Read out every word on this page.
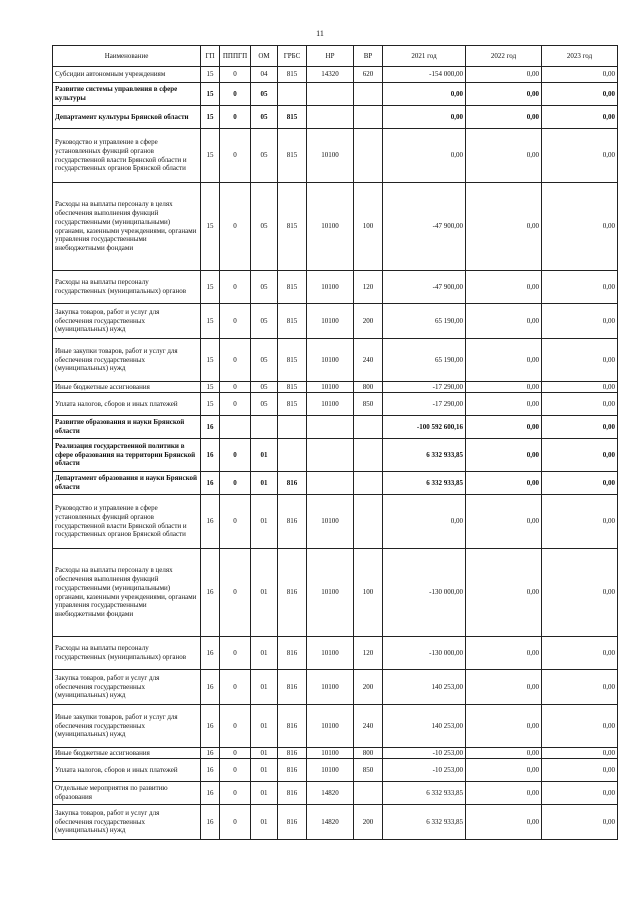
11
Наименование	ГП	ПППГП	ОМ	ГРБС	НР	ВР	2021 год	2022 год	2023 год
Субсидии автономным учреждениям	15	0	04	815	14320	620	-154 000,00	0,00	0,00
Развитие системы управления в сфере культуры	15	0	05				0,00	0,00	0,00
Департамент культуры Брянской области	15	0	05	815			0,00	0,00	0,00
Руководство и управление в сфере установленных функций органов государственной власти Брянской области и государственных органов Брянской области	15	0	05	815	10100		0,00	0,00	0,00
Расходы на выплаты персоналу в целях обеспечения выполнения функций государственными (муниципальными) органами, казенными учреждениями, органами управления государственными внебюджетными фондами	15	0	05	815	10100	100	-47 900,00	0,00	0,00
Расходы на выплаты персоналу государственных (муниципальных) органов	15	0	05	815	10100	120	-47 900,00	0,00	0,00
Закупка товаров, работ и услуг для обеспечения государственных (муниципальных) нужд	15	0	05	815	10100	200	65 190,00	0,00	0,00
Иные закупки товаров, работ и услуг для обеспечения государственных (муниципальных) нужд	15	0	05	815	10100	240	65 190,00	0,00	0,00
Иные бюджетные ассигнования	15	0	05	815	10100	800	-17 290,00	0,00	0,00
Уплата налогов, сборов и иных платежей	15	0	05	815	10100	850	-17 290,00	0,00	0,00
Развитие образования и науки Брянской области	16						-100 592 600,16	0,00	0,00
Реализация государственной политики в сфере образования на территории Брянской области	16	0	01				6 332 933,85	0,00	0,00
Департамент образования и науки Брянской области	16	0	01	816			6 332 933,85	0,00	0,00
Руководство и управление в сфере установленных функций органов государственной власти Брянской области и государственных органов Брянской области	16	0	01	816	10100		0,00	0,00	0,00
Расходы на выплаты персоналу в целях обеспечения выполнения функций государственными (муниципальными) органами, казенными учреждениями, органами управления государственными внебюджетными фондами	16	0	01	816	10100	100	-130 000,00	0,00	0,00
Расходы на выплаты персоналу государственных (муниципальных) органов	16	0	01	816	10100	120	-130 000,00	0,00	0,00
Закупка товаров, работ и услуг для обеспечения государственных (муниципальных) нужд	16	0	01	816	10100	200	140 253,00	0,00	0,00
Иные закупки товаров, работ и услуг для обеспечения государственных (муниципальных) нужд	16	0	01	816	10100	240	140 253,00	0,00	0,00
Иные бюджетные ассигнования	16	0	01	816	10100	800	-10 253,00	0,00	0,00
Уплата налогов, сборов и иных платежей	16	0	01	816	10100	850	-10 253,00	0,00	0,00
Отдельные мероприятия по развитию образования	16	0	01	816	14820		6 332 933,85	0,00	0,00
Закупка товаров, работ и услуг для обеспечения государственных (муниципальных) нужд	16	0	01	816	14820	200	6 332 933,85	0,00	0,00
